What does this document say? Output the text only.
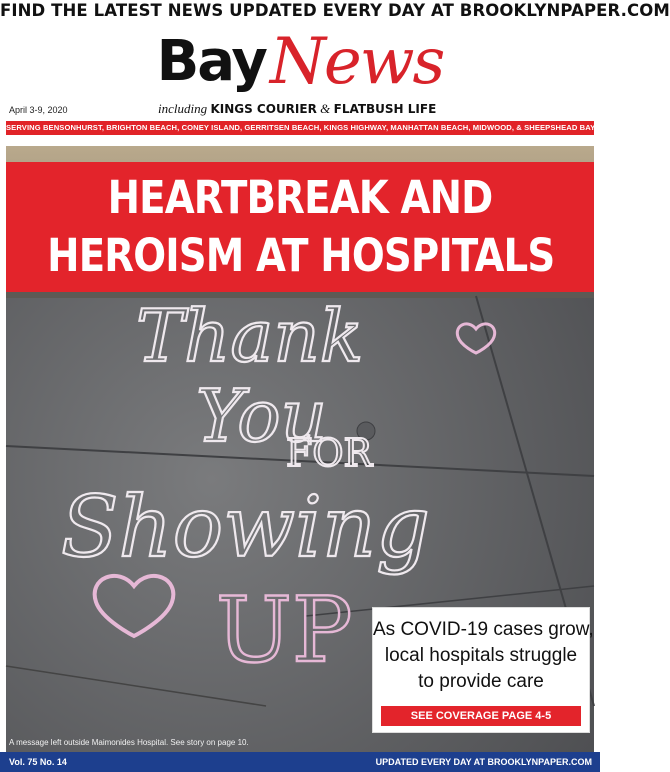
FIND THE LATEST NEWS UPDATED EVERY DAY AT BROOKLYNPAPER.COM
BayNews
April 3-9, 2020	including KINGS COURIER & FLATBUSH LIFE
SERVING BENSONHURST, BRIGHTON BEACH, CONEY ISLAND, GERRITSEN BEACH, KINGS HIGHWAY, MANHATTAN BEACH, MIDWOOD, & SHEEPSHEAD BAY
Thank
You
FOR
Showing
UP
HEARTBREAK AND
HEROISM AT HOSPITALS
As COVID-19 cases grow,
local hospitals struggle
to provide care
SEE COVERAGE PAGE 4-5
A message left outside Maimonides Hospital. See story on page 10.
Vol. 75 No. 14	UPDATED EVERY DAY AT BROOKLYNPAPER.COM
